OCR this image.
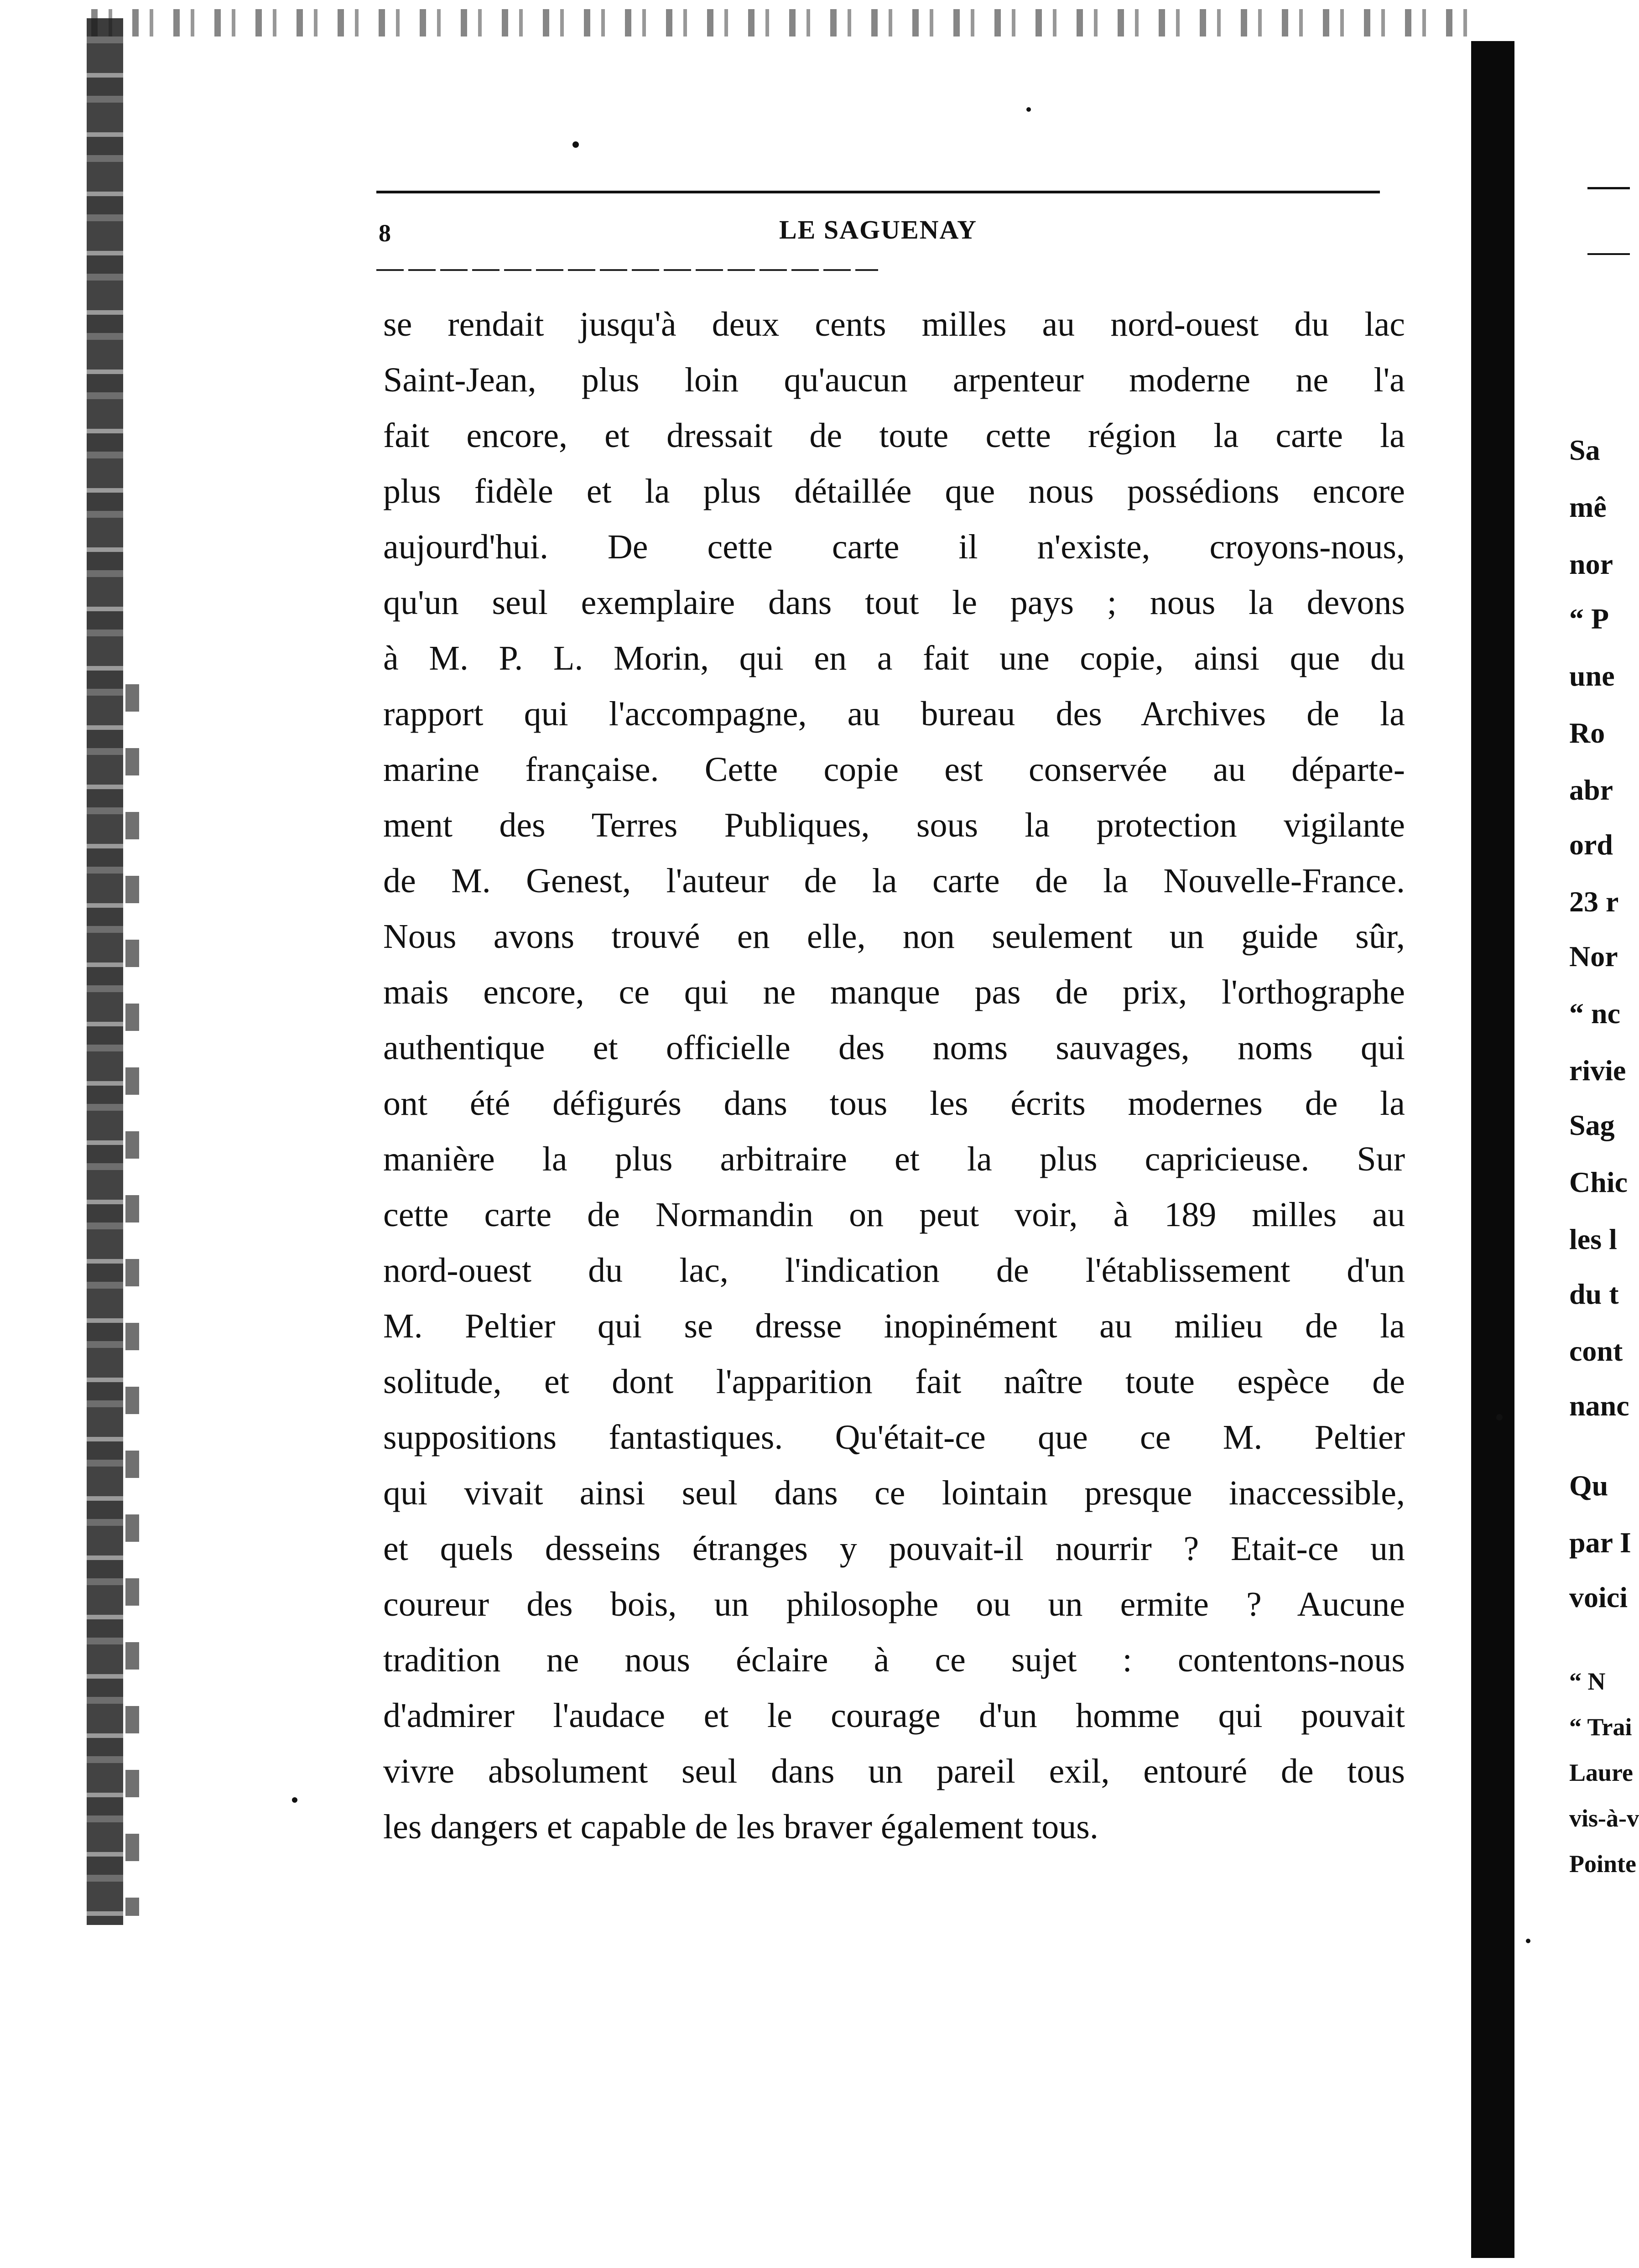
8	LE SAGUENAY
se rendait jusqu'à deux cents milles au nord-ouest du lac
Saint-Jean, plus loin qu'aucun arpenteur moderne ne l'a
fait encore, et dressait de toute cette région la carte la
plus fidèle et la plus détaillée que nous possédions encore
aujourd'hui. De cette carte il n'existe, croyons-nous,
qu'un seul exemplaire dans tout le pays ; nous la devons
à M. P. L. Morin, qui en a fait une copie, ainsi que du
rapport qui l'accompagne, au bureau des Archives de la
marine française. Cette copie est conservée au départe-
ment des Terres Publiques, sous la protection vigilante
de M. Genest, l'auteur de la carte de la Nouvelle-France.
Nous avons trouvé en elle, non seulement un guide sûr,
mais encore, ce qui ne manque pas de prix, l'orthographe
authentique et officielle des noms sauvages, noms qui
ont été défigurés dans tous les écrits modernes de la
manière la plus arbitraire et la plus capricieuse. Sur
cette carte de Normandin on peut voir, à 189 milles au
nord-ouest du lac, l'indication de l'établissement d'un
M. Peltier qui se dresse inopinément au milieu de la
solitude, et dont l'apparition fait naître toute espèce de
suppositions fantastiques. Qu'était-ce que ce M. Peltier
qui vivait ainsi seul dans ce lointain presque inaccessible,
et quels desseins étranges y pouvait-il nourrir ? Etait-ce un
coureur des bois, un philosophe ou un ermite ? Aucune
tradition ne nous éclaire à ce sujet : contentons-nous
d'admirer l'audace et le courage d'un homme qui pouvait
vivre absolument seul dans un pareil exil, entouré de tous
les dangers et capable de les braver également tous.
Sa
mê
nor
“ P
une
Ro
abr
ord
23 r
Nor
“ nc
rivie
Sag
Chic
les l
du t
cont
nanc
Qu
par I
voici
“ N
“ Trai
Laure
vis-à-v
Pointe
